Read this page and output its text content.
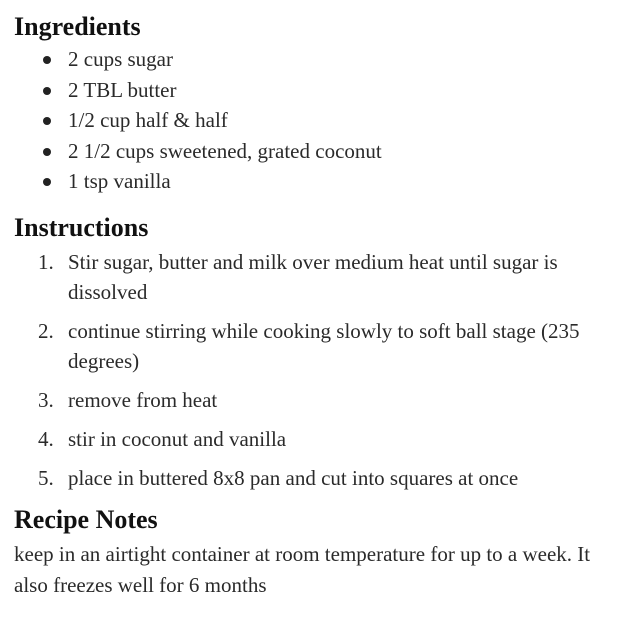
Ingredients
2 cups sugar
2 TBL butter
1/2 cup half & half
2 1/2 cups sweetened, grated coconut
1 tsp vanilla
Instructions
1. Stir sugar, butter and milk over medium heat until sugar is dissolved
2. continue stirring while cooking slowly to soft ball stage (235 degrees)
3. remove from heat
4. stir in coconut and vanilla
5. place in buttered 8x8 pan and cut into squares at once
Recipe Notes

keep in an airtight container at room temperature for up to a week. It also freezes well for 6 months
